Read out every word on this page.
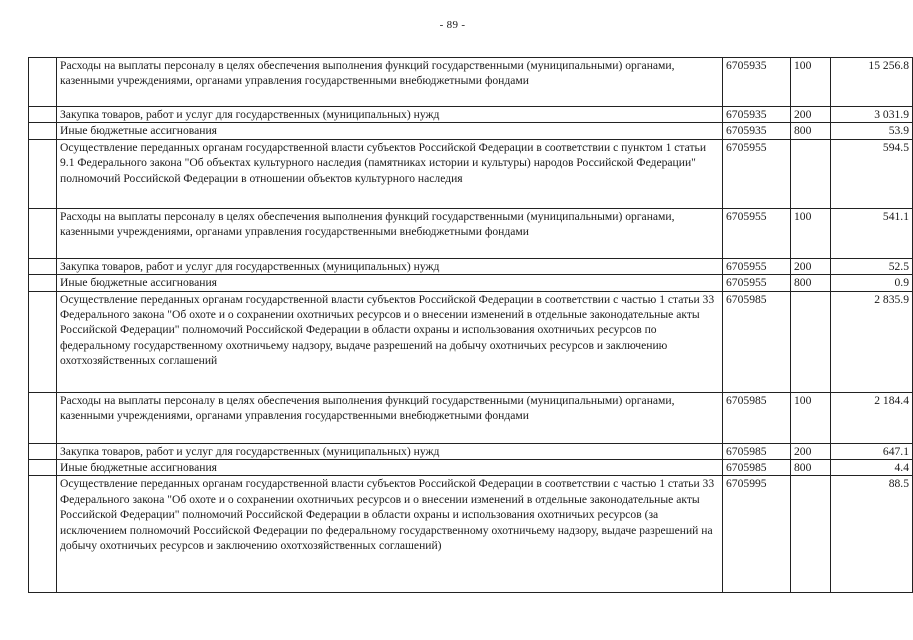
- 89 -
	Расходы на выплаты персоналу в целях обеспечения выполнения функций государственными (муниципальными) органами, казенными учреждениями, органами управления государственными внебюджетными фондами	6705935	100	15 256.8
	Закупка товаров, работ и услуг для государственных (муниципальных) нужд	6705935	200	3 031.9
	Иные бюджетные ассигнования	6705935	800	53.9
	Осуществление переданных органам государственной власти субъектов Российской Федерации в соответствии с пунктом 1 статьи 9.1 Федерального закона "Об объектах культурного наследия (памятниках истории и культуры) народов Российской Федерации" полномочий Российской Федерации в отношении объектов культурного наследия	6705955		594.5
	Расходы на выплаты персоналу в целях обеспечения выполнения функций государственными (муниципальными) органами, казенными учреждениями, органами управления государственными внебюджетными фондами	6705955	100	541.1
	Закупка товаров, работ и услуг для государственных (муниципальных) нужд	6705955	200	52.5
	Иные бюджетные ассигнования	6705955	800	0.9
	Осуществление переданных органам государственной власти субъектов Российской Федерации в соответствии с частью 1 статьи 33 Федерального закона "Об охоте и о сохранении охотничьих ресурсов и о внесении изменений в отдельные законодательные акты Российской Федерации" полномочий Российской Федерации в области охраны и использования охотничьих ресурсов по федеральному государственному охотничьему надзору, выдаче разрешений на добычу охотничьих ресурсов и заключению охотхозяйственных соглашений	6705985		2 835.9
	Расходы на выплаты персоналу в целях обеспечения выполнения функций государственными (муниципальными) органами, казенными учреждениями, органами управления государственными внебюджетными фондами	6705985	100	2 184.4
	Закупка товаров, работ и услуг для государственных (муниципальных) нужд	6705985	200	647.1
	Иные бюджетные ассигнования	6705985	800	4.4
	Осуществление переданных органам государственной власти субъектов Российской Федерации в соответствии с частью 1 статьи 33 Федерального закона "Об охоте и о сохранении охотничьих ресурсов и о внесении изменений в отдельные законодательные акты Российской Федерации" полномочий Российской Федерации в области охраны и использования охотничьих ресурсов (за исключением полномочий Российской Федерации по федеральному государственному охотничьему надзору, выдаче разрешений на добычу охотничьих ресурсов и заключению охотхозяйственных соглашений)	6705995		88.5
